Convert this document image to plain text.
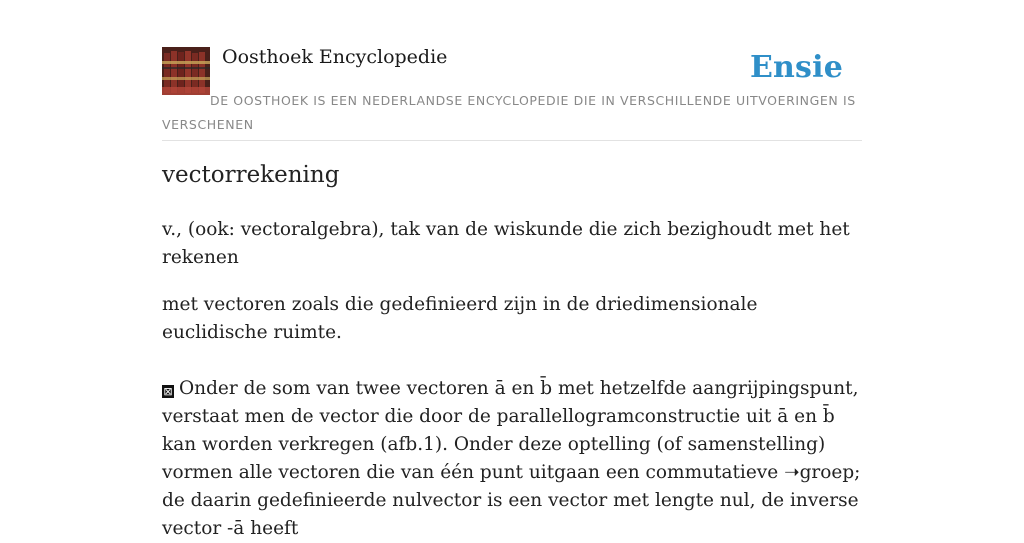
Oosthoek Encyclopedie	Ensie
DE OOSTHOEK IS EEN NEDERLANDSE ENCYCLOPEDIE DIE IN VERSCHILLENDE UITVOERINGEN IS VERSCHENEN
vectorrekening

v., (ook: vectoralgebra), tak van de wiskunde die zich bezighoudt met het rekenen

met vectoren zoals die gedefinieerd zijn in de driedimensionale euclidische ruimte.

⊠ Onder de som van twee vectoren ā en b̄ met hetzelfde aangrijpingspunt, verstaat men de vector die door de parallellogramconstructie uit ā en b̄ kan worden verkregen (afb.1). Onder deze optelling (of samenstelling) vormen alle vectoren die van één punt uitgaan een commutatieve ➝groep; de daarin gedefinieerde nulvector is een vector met lengte nul, de inverse vector -ā heeft
